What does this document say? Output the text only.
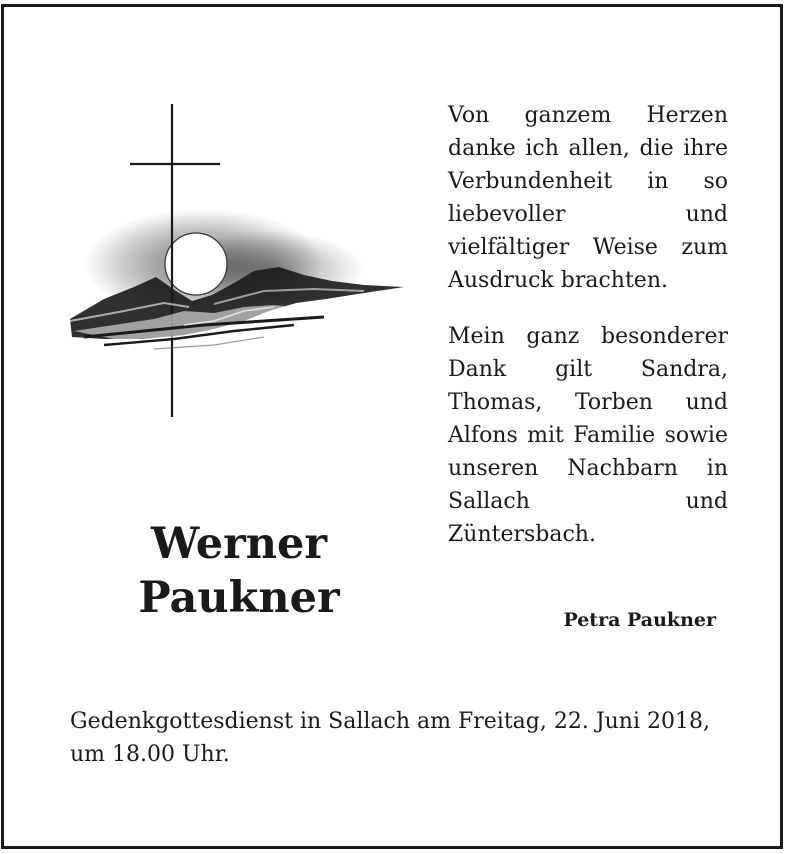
Werner
Paukner

Von ganzem Herzen danke ich allen, die ihre Verbundenheit in so liebevoller und vielfältiger Weise zum Ausdruck brachten.

Mein ganz besonderer Dank gilt Sandra, Thomas, Torben und Alfons mit Familie sowie unseren Nachbarn in Sallach und Züntersbach.

Petra Paukner
Gedenkgottesdienst in Sallach am Freitag, 22. Juni 2018, um 18.00 Uhr.
